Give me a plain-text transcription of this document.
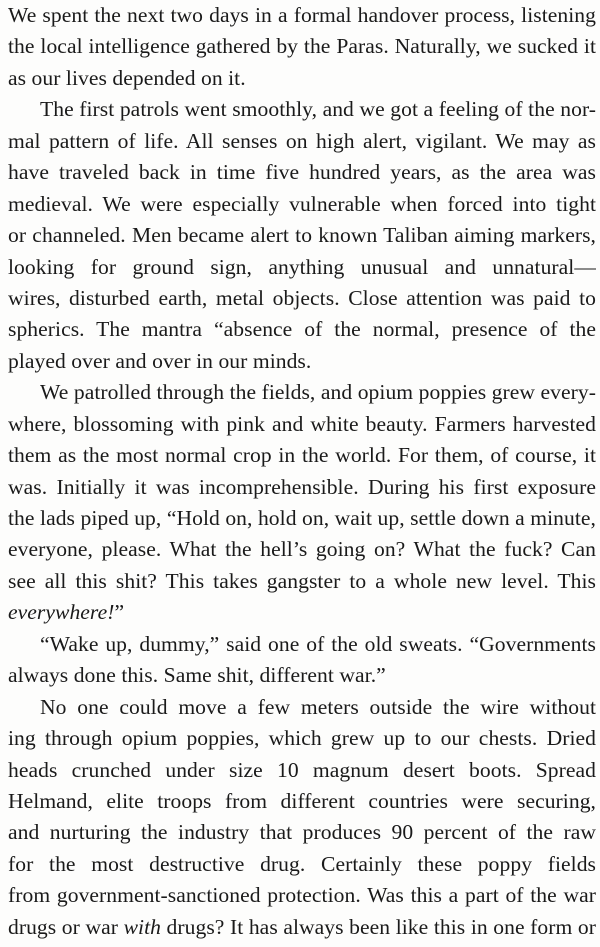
We spent the next two days in a formal handover process, listening
the local intelligence gathered by the Paras. Naturally, we sucked it
as our lives depended on it.
The first patrols went smoothly, and we got a feeling of the nor-
mal pattern of life. All senses on high alert, vigilant. We may as
have traveled back in time five hundred years, as the area was
medieval. We were especially vulnerable when forced into tight
or channeled. Men became alert to known Taliban aiming markers,
looking for ground sign, anything unusual and unnatural—
wires, disturbed earth, metal objects. Close attention was paid to
spherics. The mantra “absence of the normal, presence of the
played over and over in our minds.
We patrolled through the fields, and opium poppies grew every-
where, blossoming with pink and white beauty. Farmers harvested
them as the most normal crop in the world. For them, of course, it
was. Initially it was incomprehensible. During his first exposure
the lads piped up, “Hold on, hold on, wait up, settle down a minute,
everyone, please. What the hell’s going on? What the fuck? Can
see all this shit? This takes gangster to a whole new level. This
everywhere!”
“Wake up, dummy,” said one of the old sweats. “Governments
always done this. Same shit, different war.”
No one could move a few meters outside the wire without
ing through opium poppies, which grew up to our chests. Dried
heads crunched under size 10 magnum desert boots. Spread
Helmand, elite troops from different countries were securing,
and nurturing the industry that produces 90 percent of the raw
for the most destructive drug. Certainly these poppy fields
from government-sanctioned protection. Was this a part of the war
drugs or war with drugs? It has always been like this in one form or
